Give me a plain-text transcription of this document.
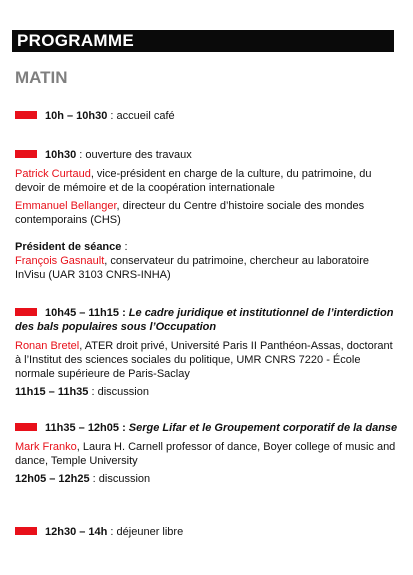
PROGRAMME
MATIN

10h – 10h30 : accueil café

10h30 : ouverture des travaux

Patrick Curtaud, vice-président en charge de la culture, du patrimoine, du devoir de mémoire et de la coopération internationale

Emmanuel Bellanger, directeur du Centre d’histoire sociale des mondes contemporains (CHS)

Président de séance :

François Gasnault, conservateur du patrimoine, chercheur au laboratoire InVisu (UAR 3103 CNRS-INHA)

10h45 – 11h15 : Le cadre juridique et institutionnel de l’interdiction des bals populaires sous l’Occupation

Ronan Bretel, ATER droit privé, Université Paris II Panthéon-Assas, doctorant à l’Institut des sciences sociales du politique, UMR CNRS 7220 - École normale supérieure de Paris-Saclay

11h15 – 11h35 : discussion

11h35 – 12h05 : Serge Lifar et le Groupement corporatif de la danse

Mark Franko, Laura H. Carnell professor of dance, Boyer college of music and dance, Temple University

12h05 – 12h25 : discussion

12h30 – 14h : déjeuner libre
